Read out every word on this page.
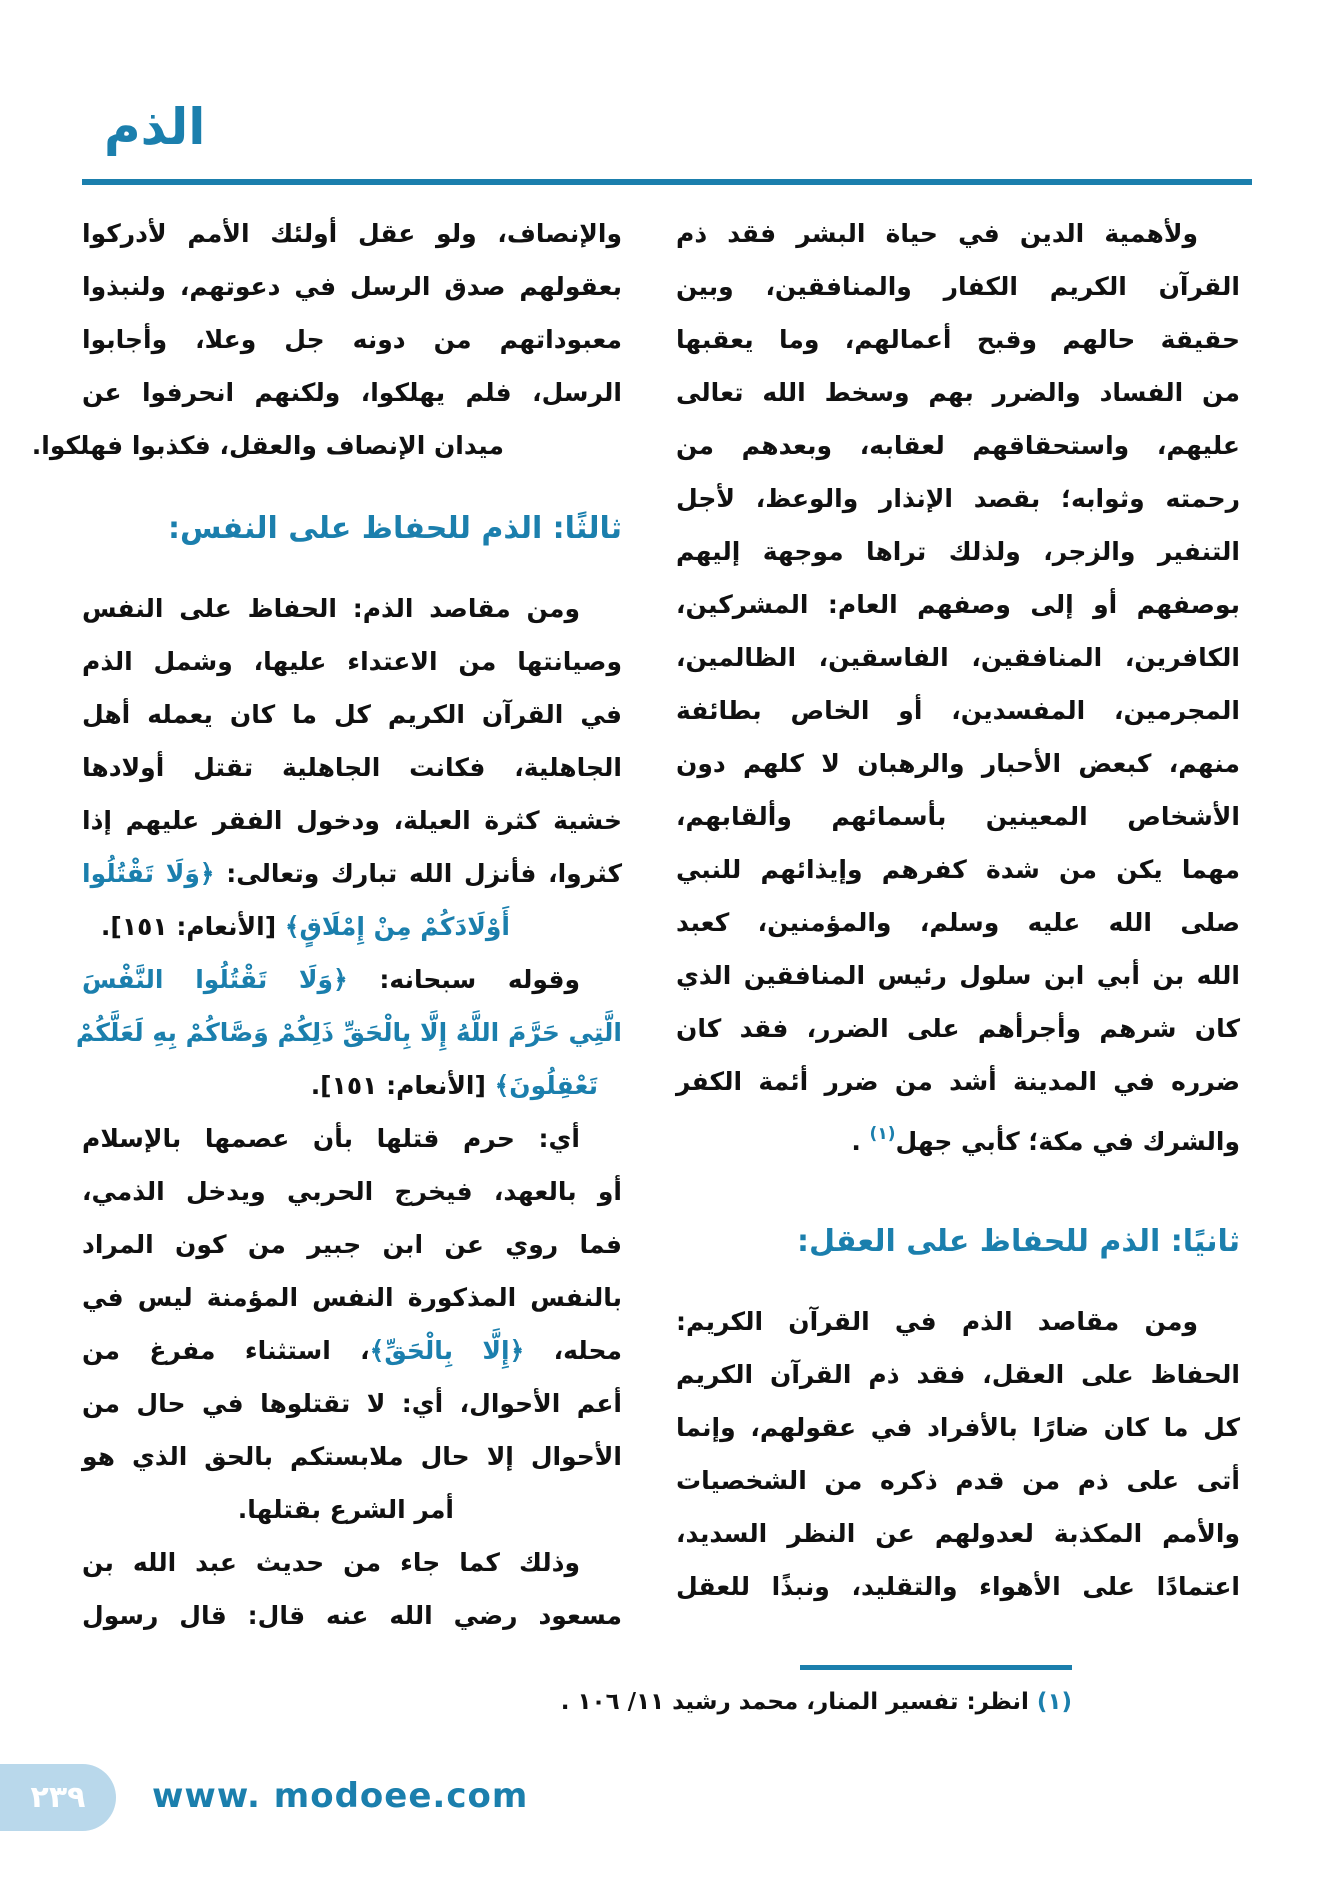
الذم
ولأهمية الدين في حياة البشر فقد ذم
القرآن الكريم الكفار والمنافقين، وبين
حقيقة حالهم وقبح أعمالهم، وما يعقبها
من الفساد والضرر بهم وسخط الله تعالى
عليهم، واستحقاقهم لعقابه، وبعدهم من
رحمته وثوابه؛ بقصد الإنذار والوعظ، لأجل
التنفير والزجر، ولذلك تراها موجهة إليهم
بوصفهم أو إلى وصفهم العام: المشركين،
الكافرين، المنافقين، الفاسقين، الظالمين،
المجرمين، المفسدين، أو الخاص بطائفة
منهم، كبعض الأحبار والرهبان لا كلهم دون
الأشخاص المعينين بأسمائهم وألقابهم،
مهما يكن من شدة كفرهم وإيذائهم للنبي
صلى الله عليه وسلم، والمؤمنين، كعبد
الله بن أبي ابن سلول رئيس المنافقين الذي
كان شرهم وأجرأهم على الضرر، فقد كان
ضرره في المدينة أشد من ضرر أئمة الكفر
والشرك في مكة؛ كأبي جهل$^{(١)}$ .
ثانيًا: الذم للحفاظ على العقل:
ومن مقاصد الذم في القرآن الكريم:
الحفاظ على العقل، فقد ذم القرآن الكريم
كل ما كان ضارًا بالأفراد في عقولهم، وإنما
أتى على ذم من قدم ذكره من الشخصيات
والأمم المكذبة لعدولهم عن النظر السديد،
اعتمادًا على الأهواء والتقليد، ونبذًا للعقل
(١) انظر: تفسير المنار، محمد رشيد ١١/ ١٠٦ .
والإنصاف، ولو عقل أولئك الأمم لأدركوا
بعقولهم صدق الرسل في دعوتهم، ولنبذوا
معبوداتهم من دونه جل وعلا، وأجابوا
الرسل، فلم يهلكوا، ولكنهم انحرفوا عن
ميدان الإنصاف والعقل، فكذبوا فهلكوا.
ثالثًا: الذم للحفاظ على النفس:
ومن مقاصد الذم: الحفاظ على النفس
وصيانتها من الاعتداء عليها، وشمل الذم
في القرآن الكريم كل ما كان يعمله أهل
الجاهلية، فكانت الجاهلية تقتل أولادها
خشية كثرة العيلة، ودخول الفقر عليهم إذا
كثروا، فأنزل الله تبارك وتعالى: ﴿وَلَا تَقْتُلُوا
أَوْلَادَكُمْ مِنْ إِمْلَاقٍ﴾ [الأنعام: ١٥١].
وقوله سبحانه: ﴿وَلَا تَقْتُلُوا النَّفْسَ
الَّتِي حَرَّمَ اللَّهُ إِلَّا بِالْحَقِّ ذَلِكُمْ وَصَّاكُمْ بِهِ لَعَلَّكُمْ
تَعْقِلُونَ﴾ [الأنعام: ١٥١].
أي: حرم قتلها بأن عصمها بالإسلام
أو بالعهد، فيخرج الحربي ويدخل الذمي،
فما روي عن ابن جبير من كون المراد
بالنفس المذكورة النفس المؤمنة ليس في
محله، ﴿إِلَّا بِالْحَقِّ﴾، استثناء مفرغ من
أعم الأحوال، أي: لا تقتلوها في حال من
الأحوال إلا حال ملابستكم بالحق الذي هو
أمر الشرع بقتلها.
وذلك كما جاء من حديث عبد الله بن
مسعود رضي الله عنه قال: قال رسول
٢٣٩	www. modoee.com
